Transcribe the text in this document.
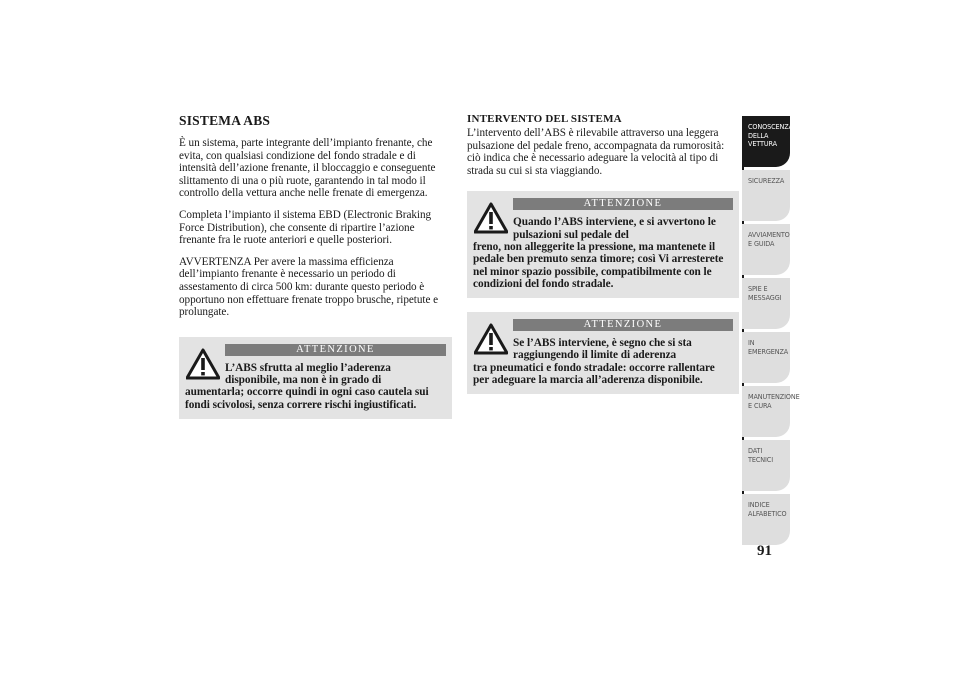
SISTEMA ABS

È un sistema, parte integrante dell’impianto frenante, che evita, con qualsiasi condizione del fondo stradale e di intensità dell’azione frenante, il bloccaggio e conseguente slittamento di una o più ruote, garantendo in tal modo il controllo della vettura anche nelle frenate di emergenza.

Completa l’impianto il sistema EBD (Electronic Braking Force Distribution), che consente di ripartire l’azione frenante fra le ruote anteriori e quelle posteriori.

AVVERTENZA Per avere la massima efficienza dell’impianto frenante è necessario un periodo di assestamento di circa 500 km: durante questo periodo è opportuno non effettuare frenate troppo brusche, ripetute e prolungate.

ATTENZIONE

L’ABS sfrutta al meglio l’aderenza disponibile, ma non è in grado di
aumentarla; occorre quindi in ogni caso cautela sui fondi scivolosi, senza correre rischi ingiustificati.

INTERVENTO DEL SISTEMA

L’intervento dell’ABS è rilevabile attraverso una leggera pulsazione del pedale freno, accompagnata da rumorosità: ciò indica che è necessario adeguare la velocità al tipo di strada su cui si sta viaggiando.

ATTENZIONE

Quando l’ABS interviene, e si avvertono le pulsazioni sul pedale del
freno, non alleggerite la pressione, ma mantenete il pedale ben premuto senza timore; così Vi arresterete nel minor spazio possibile, compatibilmente con le condizioni del fondo stradale.

ATTENZIONE

Se l’ABS interviene, è segno che si sta raggiungendo il limite di aderenza
tra pneumatici e fondo stradale: occorre rallentare per adeguare la marcia all’aderenza disponibile.

CONOSCENZA DELLA VETTURA
SICUREZZA
AVVIAMENTO E GUIDA
SPIE E MESSAGGI
IN EMERGENZA
MANUTENZIONE E CURA
DATI TECNICI
INDICE ALFABETICO
91
